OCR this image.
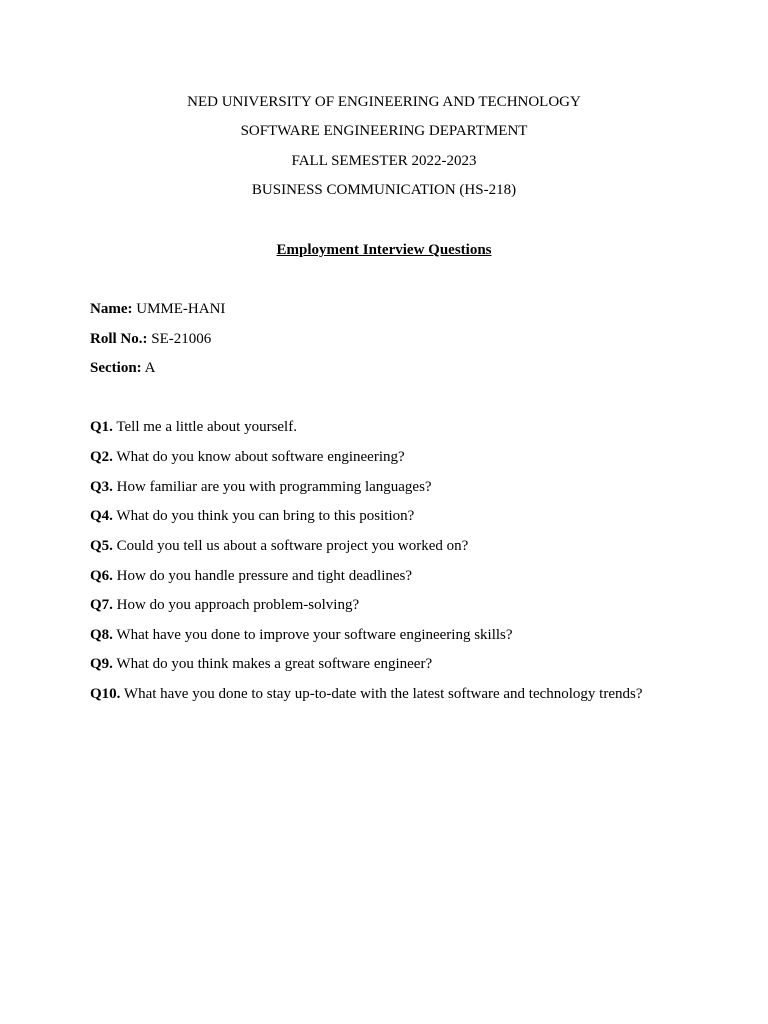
NED UNIVERSITY OF ENGINEERING AND TECHNOLOGY
SOFTWARE ENGINEERING DEPARTMENT
FALL SEMESTER 2022-2023
BUSINESS COMMUNICATION (HS-218)
Employment Interview Questions
Name: UMME-HANI
Roll No.: SE-21006
Section: A
Q1. Tell me a little about yourself.
Q2. What do you know about software engineering?
Q3. How familiar are you with programming languages?
Q4. What do you think you can bring to this position?
Q5. Could you tell us about a software project you worked on?
Q6. How do you handle pressure and tight deadlines?
Q7. How do you approach problem-solving?
Q8. What have you done to improve your software engineering skills?
Q9. What do you think makes a great software engineer?
Q10. What have you done to stay up-to-date with the latest software and technology trends?
